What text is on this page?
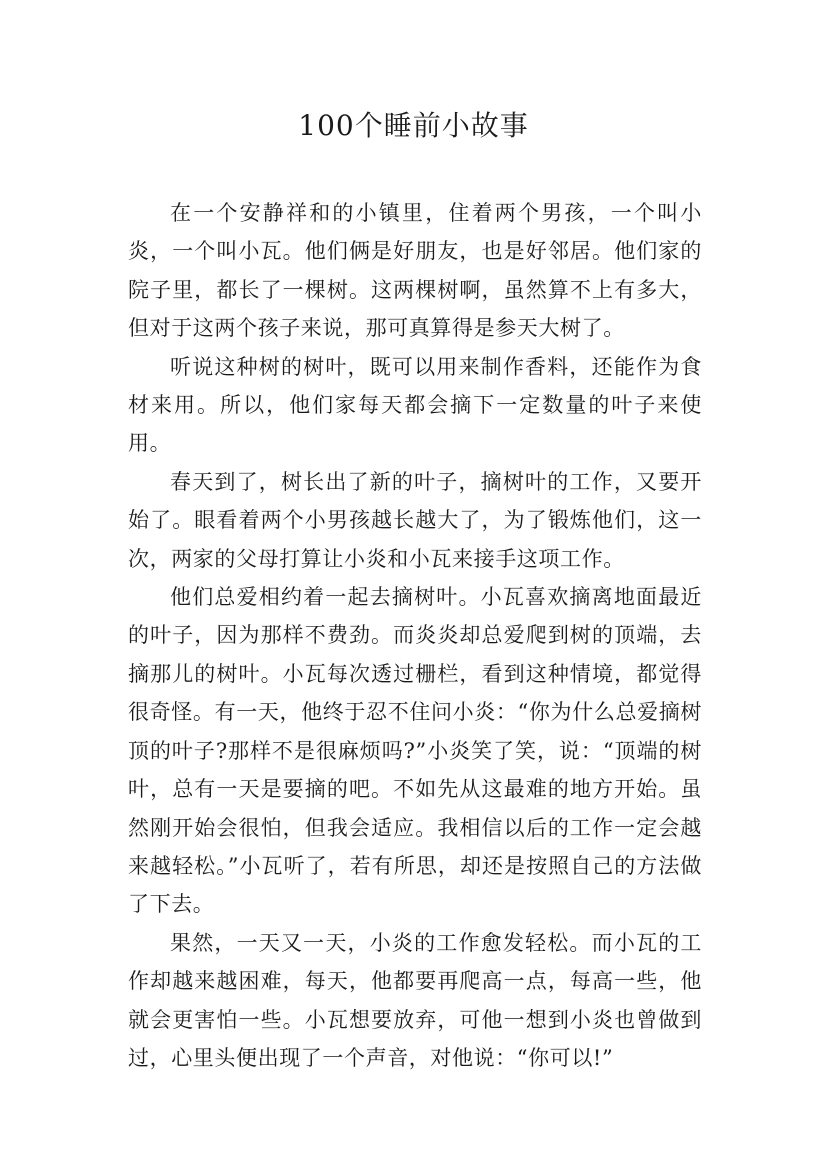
100个睡前小故事

在一个安静祥和的小镇里，住着两个男孩，一个叫小炎，一个叫小瓦。他们俩是好朋友，也是好邻居。他们家的院子里，都长了一棵树。这两棵树啊，虽然算不上有多大，但对于这两个孩子来说，那可真算得是参天大树了。

听说这种树的树叶，既可以用来制作香料，还能作为食材来用。所以，他们家每天都会摘下一定数量的叶子来使用。

春天到了，树长出了新的叶子，摘树叶的工作，又要开始了。眼看着两个小男孩越长越大了，为了锻炼他们，这一次，两家的父母打算让小炎和小瓦来接手这项工作。

他们总爱相约着一起去摘树叶。小瓦喜欢摘离地面最近的叶子，因为那样不费劲。而炎炎却总爱爬到树的顶端，去摘那儿的树叶。小瓦每次透过栅栏，看到这种情境，都觉得很奇怪。有一天，他终于忍不住问小炎：“你为什么总爱摘树顶的叶子?那样不是很麻烦吗?”小炎笑了笑，说：“顶端的树叶，总有一天是要摘的吧。不如先从这最难的地方开始。虽然刚开始会很怕，但我会适应。我相信以后的工作一定会越来越轻松。”小瓦听了，若有所思，却还是按照自己的方法做了下去。

果然，一天又一天，小炎的工作愈发轻松。而小瓦的工作却越来越困难，每天，他都要再爬高一点，每高一些，他就会更害怕一些。小瓦想要放弃，可他一想到小炎也曾做到过，心里头便出现了一个声音，对他说：“你可以!”
